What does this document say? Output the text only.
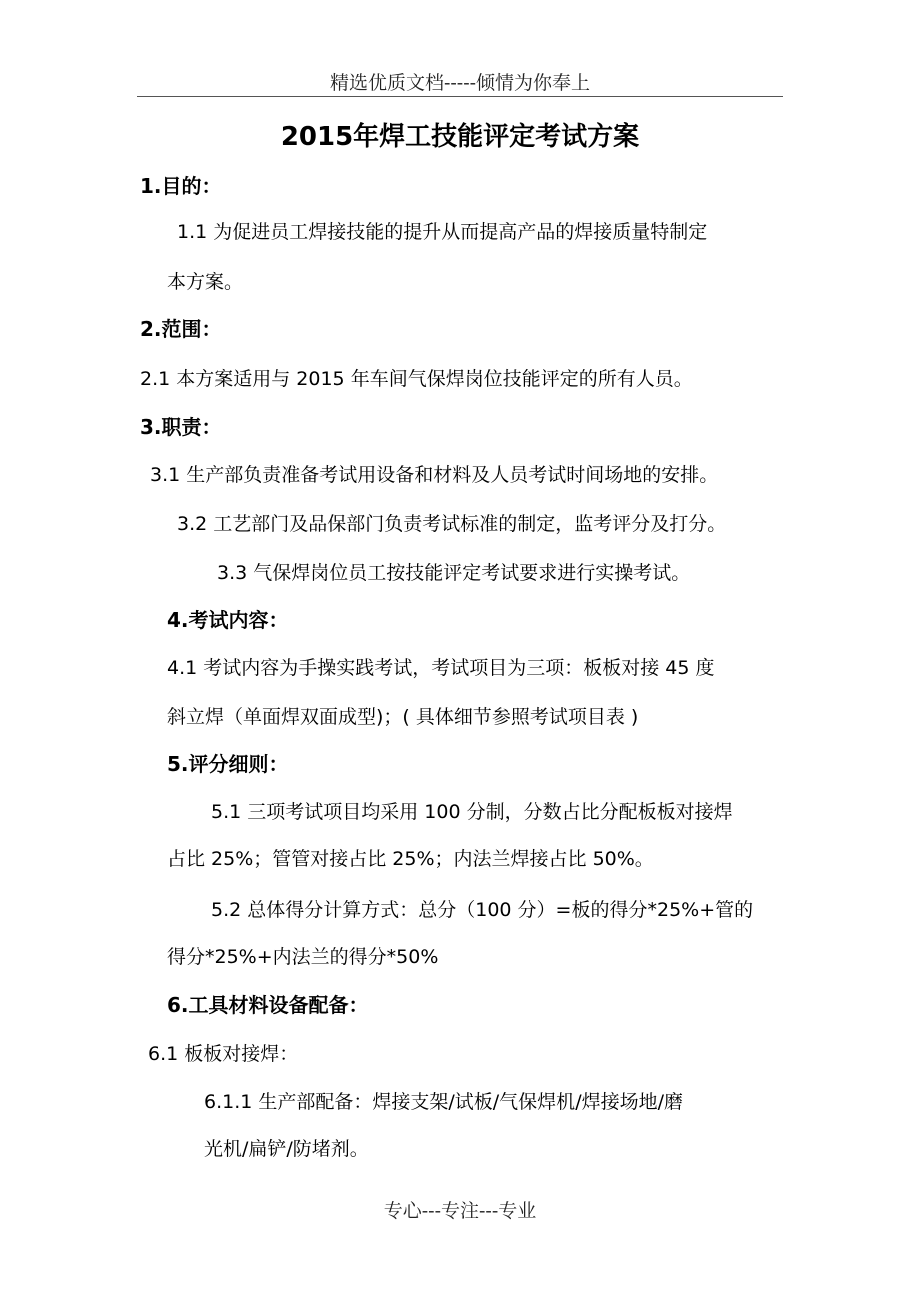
精选优质文档-----倾情为你奉上
2015年焊工技能评定考试方案
1.目的：
1.1 为促进员工焊接技能的提升从而提高产品的焊接质量特制定
本方案。
2.范围：
2.1 本方案适用与 2015 年车间气保焊岗位技能评定的所有人员。
3.职责：
3.1 生产部负责准备考试用设备和材料及人员考试时间场地的安排。
3.2 工艺部门及品保部门负责考试标准的制定，监考评分及打分。
3.3 气保焊岗位员工按技能评定考试要求进行实操考试。
4.考试内容：
4.1 考试内容为手操实践考试，考试项目为三项：板板对接 45 度
斜立焊（单面焊双面成型)；( 具体细节参照考试项目表 )
5.评分细则：
5.1 三项考试项目均采用 100 分制，分数占比分配板板对接焊
占比 25%；管管对接占比 25%；内法兰焊接占比 50%。
5.2 总体得分计算方式：总分（100 分）=板的得分*25%+管的
得分*25%+内法兰的得分*50%
6.工具材料设备配备：
6.1 板板对接焊：
6.1.1 生产部配备：焊接支架/试板/气保焊机/焊接场地/磨
光机/扁铲/防堵剂。
专心---专注---专业
